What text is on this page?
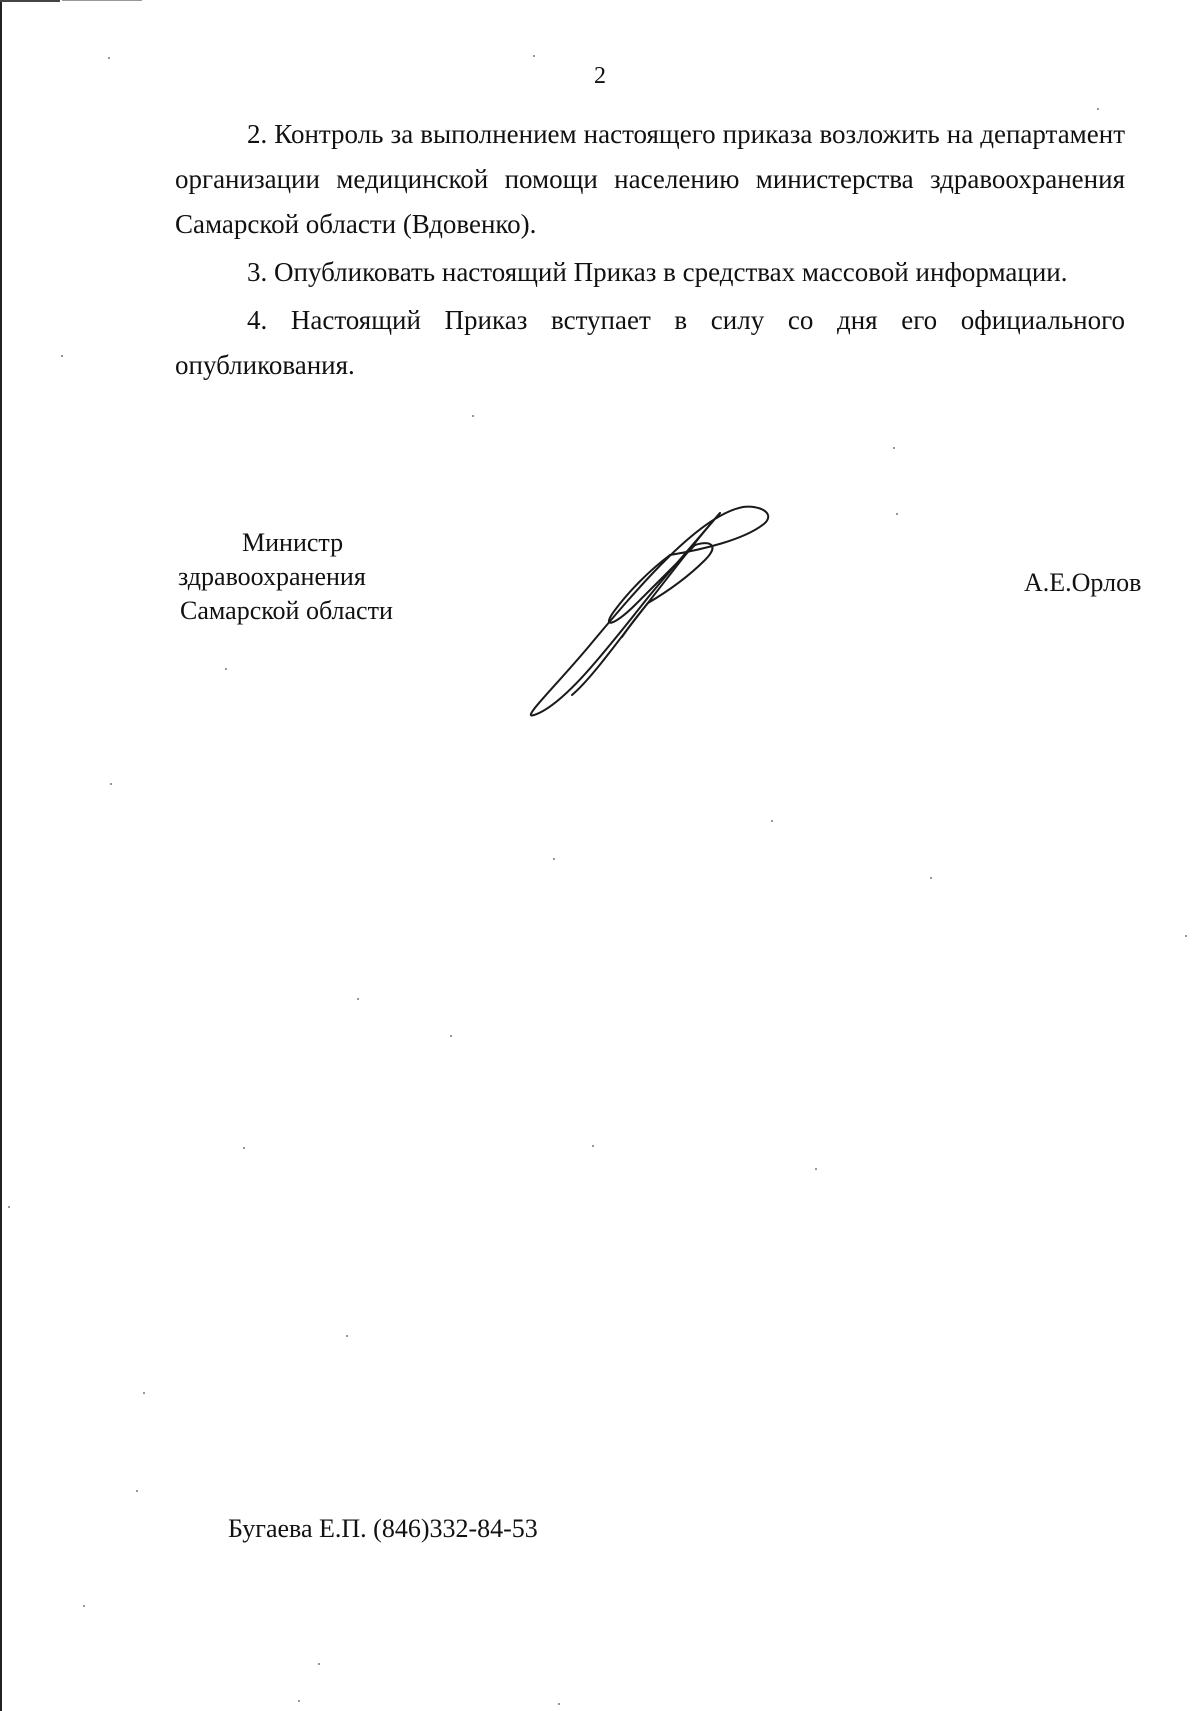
2

2. Контроль за выполнением настоящего приказа возложить на департамент организации медицинской помощи населению министерства здравоохранения Самарской области (Вдовенко).

3. Опубликовать настоящий Приказ в средствах массовой информации.

4. Настоящий Приказ вступает в силу со дня его официального опубликования.

Министр
здравоохранения
Самарской области
А.Е.Орлов
Бугаева Е.П. (846)332-84-53
